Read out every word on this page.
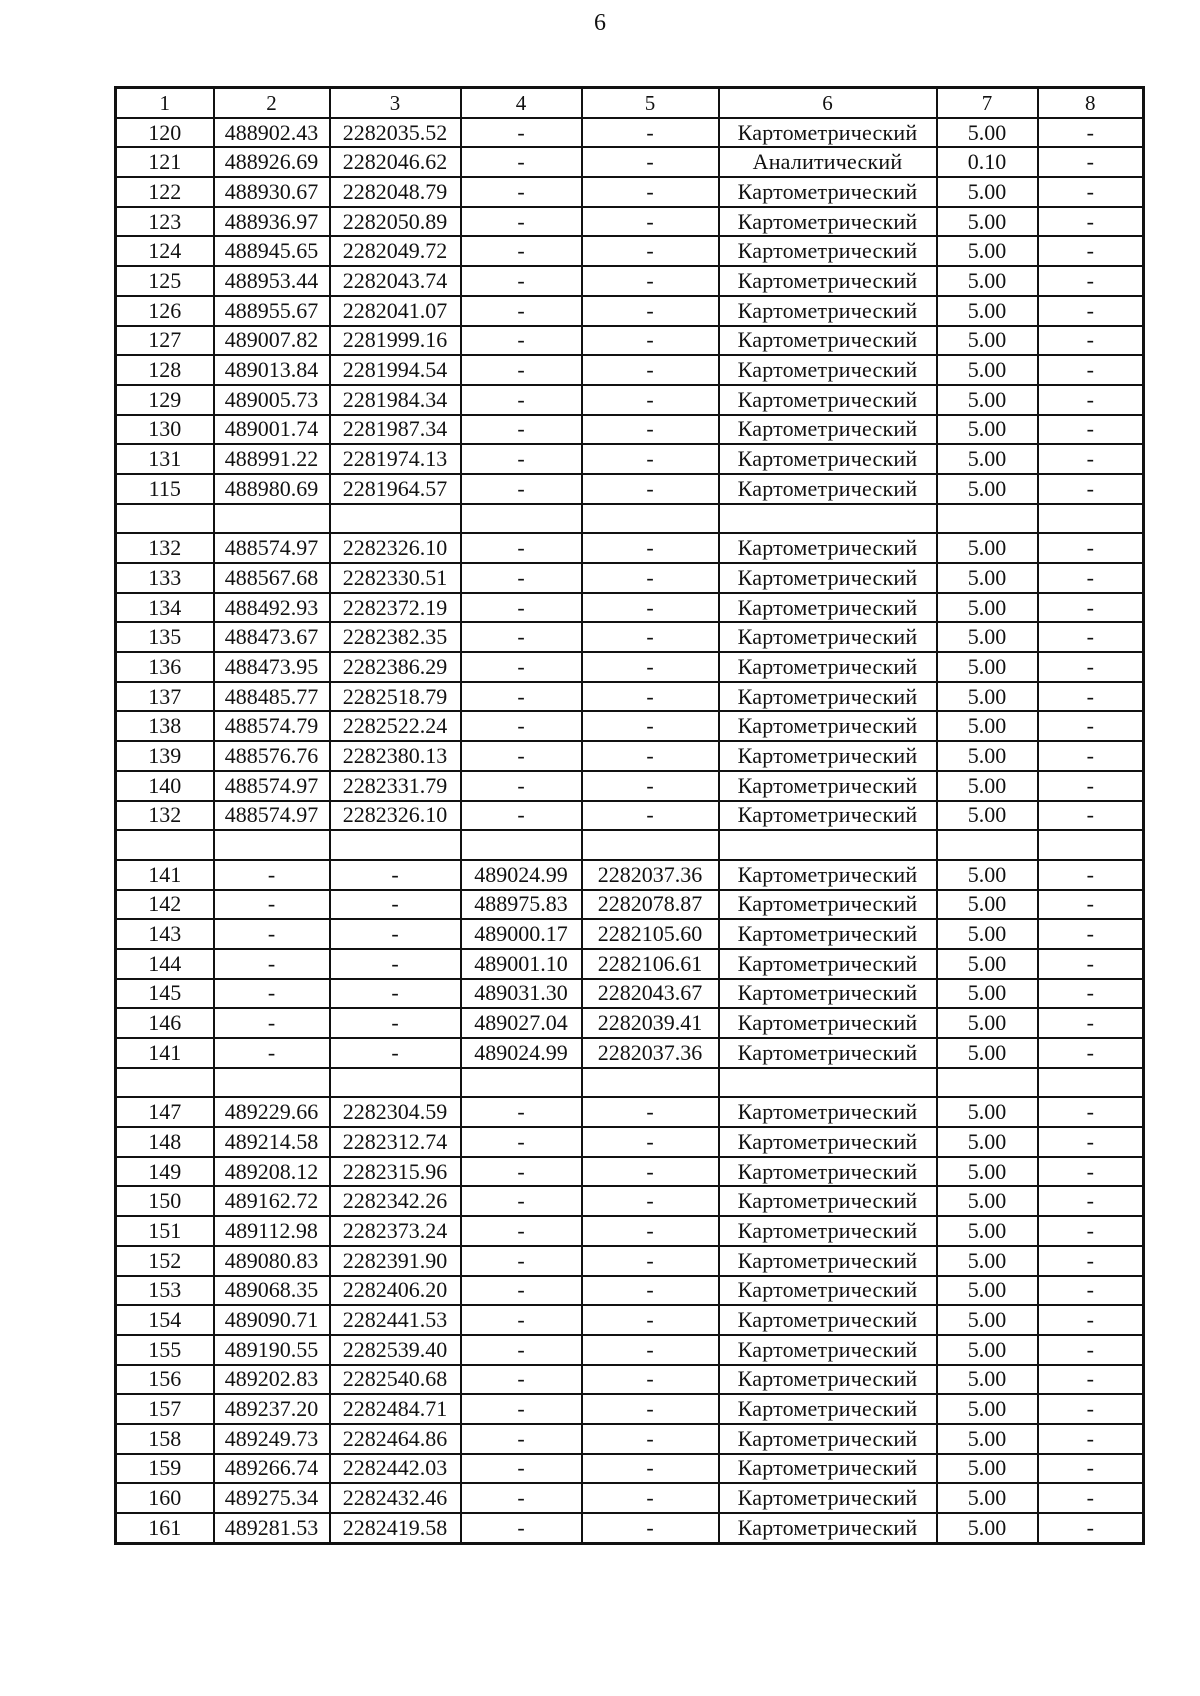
6
1	2	3	4	5	6	7	8
120	488902.43	2282035.52	-	-	Картометрический	5.00	-
121	488926.69	2282046.62	-	-	Аналитический	0.10	-
122	488930.67	2282048.79	-	-	Картометрический	5.00	-
123	488936.97	2282050.89	-	-	Картометрический	5.00	-
124	488945.65	2282049.72	-	-	Картометрический	5.00	-
125	488953.44	2282043.74	-	-	Картометрический	5.00	-
126	488955.67	2282041.07	-	-	Картометрический	5.00	-
127	489007.82	2281999.16	-	-	Картометрический	5.00	-
128	489013.84	2281994.54	-	-	Картометрический	5.00	-
129	489005.73	2281984.34	-	-	Картометрический	5.00	-
130	489001.74	2281987.34	-	-	Картометрический	5.00	-
131	488991.22	2281974.13	-	-	Картометрический	5.00	-
115	488980.69	2281964.57	-	-	Картометрический	5.00	-

132	488574.97	2282326.10	-	-	Картометрический	5.00	-
133	488567.68	2282330.51	-	-	Картометрический	5.00	-
134	488492.93	2282372.19	-	-	Картометрический	5.00	-
135	488473.67	2282382.35	-	-	Картометрический	5.00	-
136	488473.95	2282386.29	-	-	Картометрический	5.00	-
137	488485.77	2282518.79	-	-	Картометрический	5.00	-
138	488574.79	2282522.24	-	-	Картометрический	5.00	-
139	488576.76	2282380.13	-	-	Картометрический	5.00	-
140	488574.97	2282331.79	-	-	Картометрический	5.00	-
132	488574.97	2282326.10	-	-	Картометрический	5.00	-

141	-	-	489024.99	2282037.36	Картометрический	5.00	-
142	-	-	488975.83	2282078.87	Картометрический	5.00	-
143	-	-	489000.17	2282105.60	Картометрический	5.00	-
144	-	-	489001.10	2282106.61	Картометрический	5.00	-
145	-	-	489031.30	2282043.67	Картометрический	5.00	-
146	-	-	489027.04	2282039.41	Картометрический	5.00	-
141	-	-	489024.99	2282037.36	Картометрический	5.00	-

147	489229.66	2282304.59	-	-	Картометрический	5.00	-
148	489214.58	2282312.74	-	-	Картометрический	5.00	-
149	489208.12	2282315.96	-	-	Картометрический	5.00	-
150	489162.72	2282342.26	-	-	Картометрический	5.00	-
151	489112.98	2282373.24	-	-	Картометрический	5.00	-
152	489080.83	2282391.90	-	-	Картометрический	5.00	-
153	489068.35	2282406.20	-	-	Картометрический	5.00	-
154	489090.71	2282441.53	-	-	Картометрический	5.00	-
155	489190.55	2282539.40	-	-	Картометрический	5.00	-
156	489202.83	2282540.68	-	-	Картометрический	5.00	-
157	489237.20	2282484.71	-	-	Картометрический	5.00	-
158	489249.73	2282464.86	-	-	Картометрический	5.00	-
159	489266.74	2282442.03	-	-	Картометрический	5.00	-
160	489275.34	2282432.46	-	-	Картометрический	5.00	-
161	489281.53	2282419.58	-	-	Картометрический	5.00	-
